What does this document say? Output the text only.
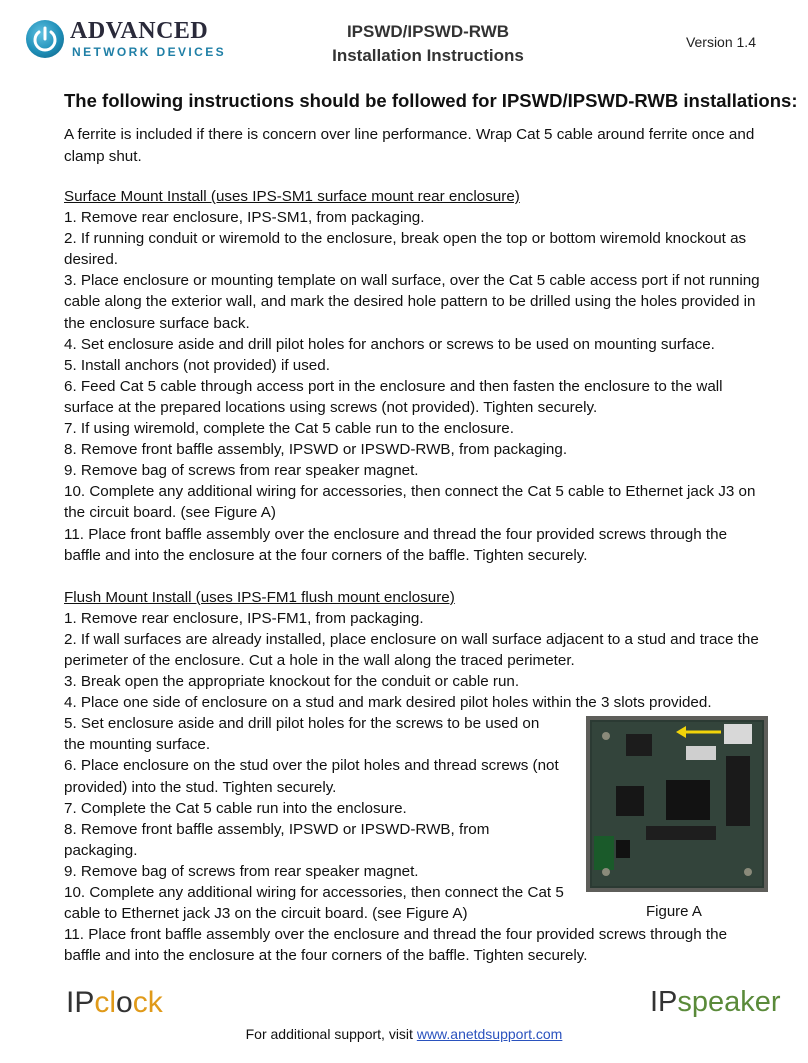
ADVANCED
NETWORK DEVICES
IPSWD/IPSWD-RWB
Installation Instructions
Version 1.4
The following instructions should be followed for IPSWD/IPSWD-RWB installations:

A ferrite is included if there is concern over line performance. Wrap Cat 5 cable around ferrite once and clamp shut.

Surface Mount Install (uses IPS-SM1 surface mount rear enclosure)

1. Remove rear enclosure, IPS-SM1, from packaging.

2. If running conduit or wiremold to the enclosure, break open the top or bottom wiremold knockout as desired.

3. Place enclosure or mounting template on wall surface, over the Cat 5 cable access port if not running cable along the exterior wall, and mark the desired hole pattern to be drilled using the holes provided in the enclosure surface back.

4. Set enclosure aside and drill pilot holes for anchors or screws to be used on mounting surface.

5. Install anchors (not provided) if used.

6. Feed Cat 5 cable through access port in the enclosure and then fasten the enclosure to the wall surface at the prepared locations using screws (not provided). Tighten securely.

7. If using wiremold, complete the Cat 5 cable run to the enclosure.

8. Remove front baffle assembly, IPSWD or IPSWD-RWB, from packaging.

9. Remove bag of screws from rear speaker magnet.

10. Complete any additional wiring for accessories, then connect the Cat 5 cable to Ethernet jack J3 on the circuit board. (see Figure A)

11. Place front baffle assembly over the enclosure and thread the four provided screws through the baffle and into the enclosure at the four corners of the baffle. Tighten securely.

Flush Mount Install (uses IPS-FM1 flush mount enclosure)

1. Remove rear enclosure, IPS-FM1, from packaging.

2. If wall surfaces are already installed, place enclosure on wall surface adjacent to a stud and trace the perimeter of the enclosure. Cut a hole in the wall along the traced perimeter.

3. Break open the appropriate knockout for the conduit or cable run.

4. Place one side of enclosure on a stud and mark desired pilot holes within the 3 slots provided.

5. Set enclosure aside and drill pilot holes for the screws to be used on the mounting surface.

6. Place enclosure on the stud over the pilot holes and thread screws (not provided) into the stud. Tighten securely.

7. Complete the Cat 5 cable run into the enclosure.

8. Remove front baffle assembly, IPSWD or IPSWD-RWB, from packaging.

9. Remove bag of screws from rear speaker magnet.

10. Complete any additional wiring for accessories, then connect the Cat 5 cable to Ethernet jack J3 on the circuit board. (see Figure A)

11. Place front baffle assembly over the enclosure and thread the four provided screws through the baffle and into the enclosure at the four corners of the baffle. Tighten securely.

Figure A
IPclock	IPspeaker
For additional support, visit www.anetdsupport.com
